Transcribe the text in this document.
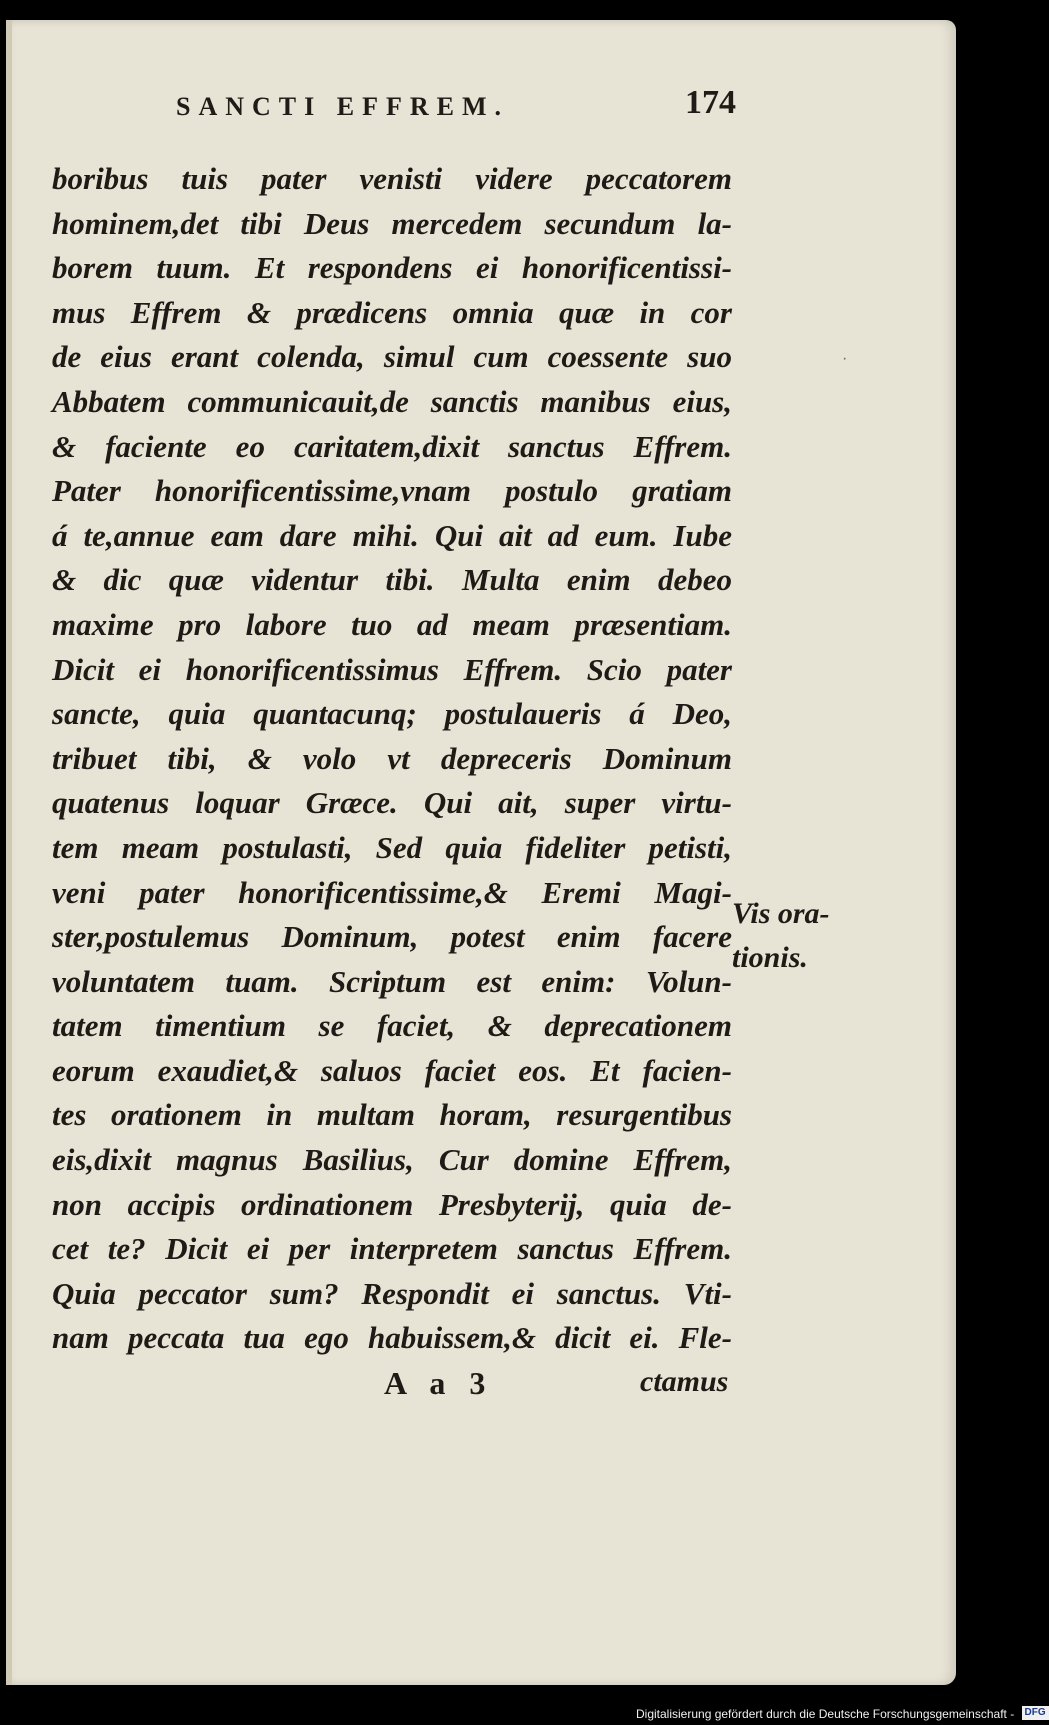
SANCTI EFFREM.	174
boribus tuis pater venisti videre peccatorem
hominem,det tibi Deus mercedem secundum la-
borem tuum. Et respondens ei honorificentissi-
mus Effrem & prædicens omnia quæ in cor
de eius erant colenda, simul cum coessente suo
Abbatem communicauit,de sanctis manibus eius,
& faciente eo caritatem,dixit sanctus Effrem.
Pater honorificentissime,vnam postulo gratiam
á te,annue eam dare mihi. Qui ait ad eum. Iube
& dic quæ videntur tibi. Multa enim debeo
maxime pro labore tuo ad meam præsentiam.
Dicit ei honorificentissimus Effrem. Scio pater
sancte, quia quantacunq; postulaueris á Deo,
tribuet tibi, & volo vt depreceris Dominum
quatenus loquar Græce. Qui ait, super virtu-
tem meam postulasti, Sed quia fideliter petisti,
veni pater honorificentissime,& Eremi Magi-
ster,postulemus Dominum, potest enim facere
voluntatem tuam. Scriptum est enim: Volun-
tatem timentium se faciet, & deprecationem
eorum exaudiet,& saluos faciet eos. Et facien-
tes orationem in multam horam, resurgentibus
eis,dixit magnus Basilius, Cur domine Effrem,
non accipis ordinationem Presbyterij, quia de-
cet te? Dicit ei per interpretem sanctus Effrem.
Quia peccator sum? Respondit ei sanctus. Vti-
nam peccata tua ego habuissem,& dicit ei. Fle-
Vis ora-
tionis.
·
A a 3	ctamus
Digitalisierung gefördert durch die Deutsche Forschungsgemeinschaft - DFG
